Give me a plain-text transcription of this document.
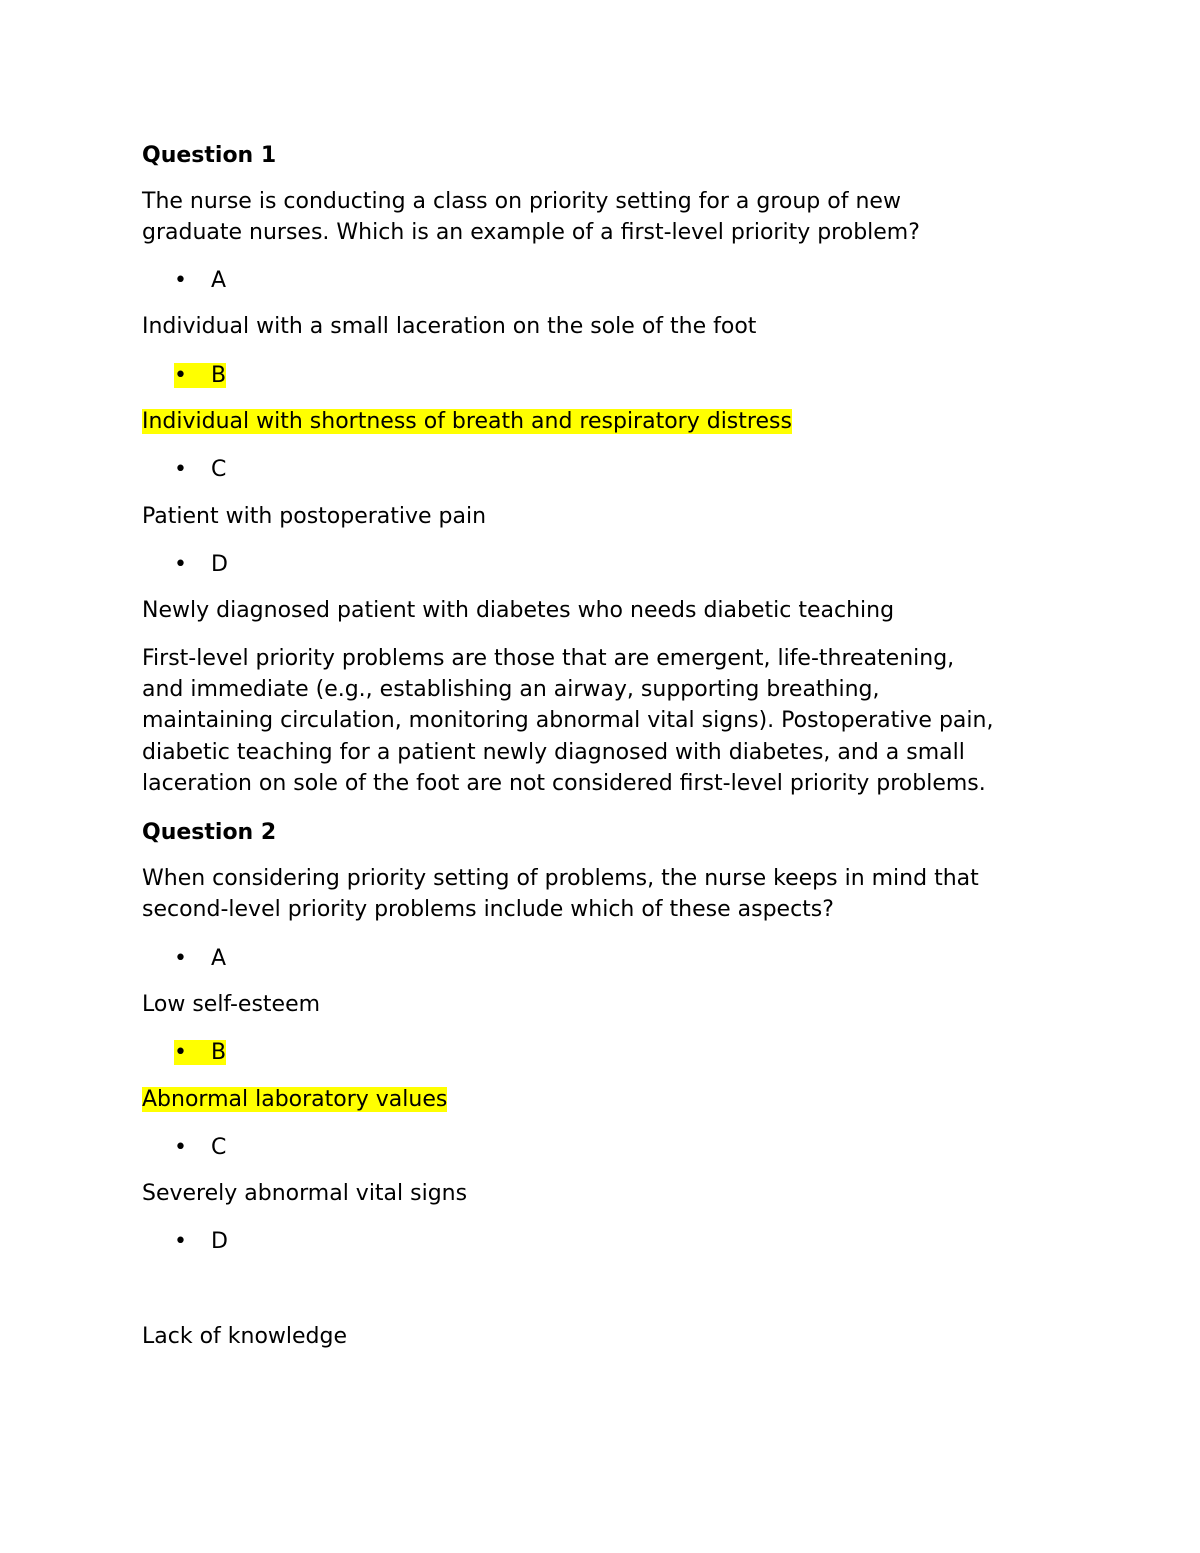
Question 1
The nurse is conducting a class on priority setting for a group of new
graduate nurses. Which is an example of a first-level priority problem?
• A
Individual with a small laceration on the sole of the foot
• B
Individual with shortness of breath and respiratory distress
• C
Patient with postoperative pain
• D
Newly diagnosed patient with diabetes who needs diabetic teaching
First-level priority problems are those that are emergent, life-threatening,
and immediate (e.g., establishing an airway, supporting breathing,
maintaining circulation, monitoring abnormal vital signs). Postoperative pain,
diabetic teaching for a patient newly diagnosed with diabetes, and a small
laceration on sole of the foot are not considered first-level priority problems.
Question 2
When considering priority setting of problems, the nurse keeps in mind that
second-level priority problems include which of these aspects?
• A
Low self-esteem
• B
Abnormal laboratory values
• C
Severely abnormal vital signs
• D
Lack of knowledge
